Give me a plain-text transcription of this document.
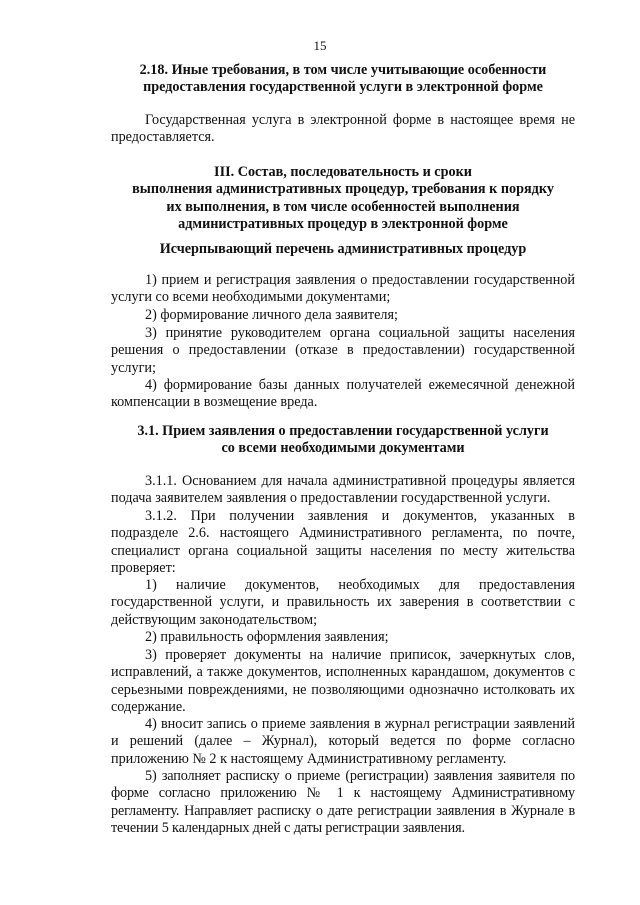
15
2.18. Иные требования, в том числе учитывающие особенности предоставления государственной услуги в электронной форме
Государственная услуга в электронной форме в настоящее время не предоставляется.
III. Состав, последовательность и сроки
выполнения административных процедур, требования к порядку
их выполнения, в том числе особенностей выполнения
административных процедур в электронной форме
Исчерпывающий перечень административных процедур
1) прием и регистрация заявления о предоставлении государственной услуги со всеми необходимыми документами;
2) формирование личного дела заявителя;
3) принятие руководителем органа социальной защиты населения решения о предоставлении (отказе в предоставлении) государственной услуги;
4) формирование базы данных получателей ежемесячной денежной компенсации в возмещение вреда.
3.1. Прием заявления о предоставлении государственной услуги
со всеми необходимыми документами
3.1.1. Основанием для начала административной процедуры является подача заявителем заявления о предоставлении государственной услуги.
3.1.2. При получении заявления и документов, указанных в подразделе 2.6. настоящего Административного регламента, по почте, специалист органа социальной защиты населения по месту жительства проверяет:
1) наличие документов, необходимых для предоставления государственной услуги, и правильность их заверения в соответствии с действующим законодательством;
2) правильность оформления заявления;
3) проверяет документы на наличие приписок, зачеркнутых слов, исправлений, а также документов, исполненных карандашом, документов с серьезными повреждениями, не позволяющими однозначно истолковать их содержание.
4) вносит запись о приеме заявления в журнал регистрации заявлений и решений (далее – Журнал), который ведется по форме согласно приложению № 2 к настоящему Административному регламенту.
5) заполняет расписку о приеме (регистрации) заявления заявителя по форме согласно приложению № 1 к настоящему Административному регламенту. Направляет расписку о дате регистрации заявления в Журнале в течении 5 календарных дней с даты регистрации заявления.
